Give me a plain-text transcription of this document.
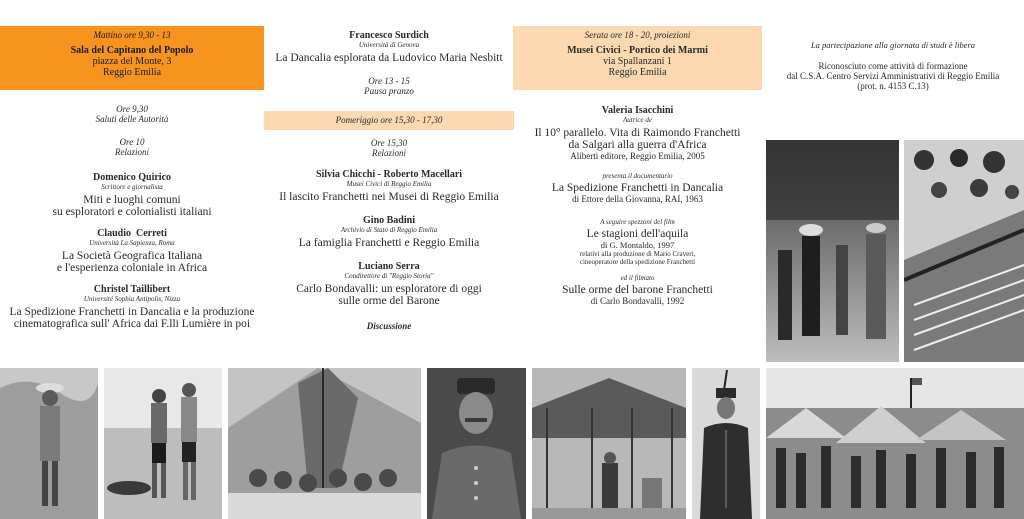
Mattino ore 9,30 - 13
Sala del Capitano del Popolo
piazza del Monte, 3
Reggio Emilia
Ore 9,30
Saluti delle Autorità
Ore 10
Relazioni
Domenico Quirico
Scrittore e giornalista
Miti e luoghi comuni
su esploratori e colonialisti italiani
Claudio  Cerreti
Università La Sapienza, Roma
La Società Geografica Italiana
e l'esperienza coloniale in Africa
Christel Taillibert
Université Sophia Antipolis, Nizza
La Spedizione Franchetti in Dancalia e la produzione
cinematografica sull' Africa dai F.lli Lumière in poi
Francesco Surdich
Università di Genova
La Dancalia esplorata da Ludovico Maria Nesbitt
Ore 13 - 15
Pausa pranzo
Pomeriggio ore 15,30 - 17,30
Ore 15,30
Relazioni
Silvia Chicchi - Roberto Macellari
Musei Civici di Reggio Emilia
Il lascito Franchetti nei Musei di Reggio Emilia
Gino Badini
Archivio di Stato di Reggio Emilia
La famiglia Franchetti e Reggio Emilia
Luciano Serra
Condirettore di "Reggio Storia"
Carlo Bondavalli: un esploratore di oggi
sulle orme del Barone
Discussione
Serata ore 18 - 20, proiezioni
Musei Civici - Portico dei Marmi
via Spallanzani 1
Reggio Emilia
Valeria Isacchini
Autrice de
Il 10° parallelo. Vita di Raimondo Franchetti
da Salgari alla guerra d'Africa
Aliberti editore, Reggio Emilia, 2005
presenta il documentario
La Spedizione Franchetti in Dancalia
di Ettore della Giovanna, RAI, 1963
A seguire spezzoni del film
Le stagioni dell'aquila
di G. Montaldo, 1997
relativi alla produzione di Mario Craveri,
cineoperatore della spedizione Franchetti
ed il filmato
Sulle orme del barone Franchetti
di Carlo Bondavalli, 1992
La partecipazione alla giornata di studi è libera
Riconosciuto come attività di formazione
dal C.S.A. Centro Servizi Amministrativi di Reggio Emilia
(prot. n. 4153 C.13)
